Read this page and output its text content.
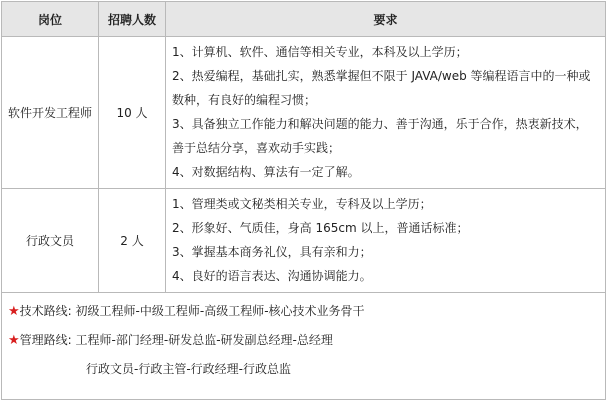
岗位	招聘人数	要求
软件开发工程师	10 人	1、计算机、软件、通信等相关专业，本科及以上学历；
2、热爱编程，基础扎实，熟悉掌握但不限于 JAVA/web 等编程语言中的一种或数种，有良好的编程习惯；
3、具备独立工作能力和解决问题的能力、善于沟通，乐于合作，热衷新技术，善于总结分享，喜欢动手实践；
4、对数据结构、算法有一定了解。

行政文员	2 人	1、管理类或文秘类相关专业，专科及以上学历；
2、形象好、气质佳，身高 165cm 以上，普通话标准；
3、掌握基本商务礼仪，具有亲和力；
4、良好的语言表达、沟通协调能力。

★技术路线: 初级工程师-中级工程师-高级工程师-核心技术业务骨干
★管理路线: 工程师-部门经理-研发总监-研发副总经理-总经理
行政文员-行政主管-行政经理-行政总监		
